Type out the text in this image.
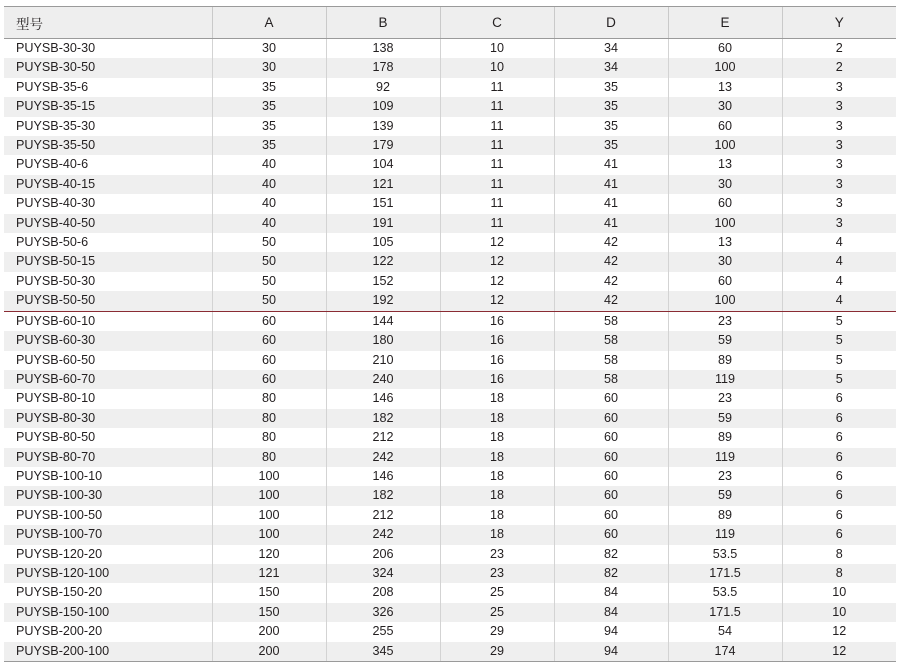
型号	A	B	C	D	E	Y
PUYSB-30-30	30	138	10	34	60	2
PUYSB-30-50	30	178	10	34	100	2
PUYSB-35-6	35	92	11	35	13	3
PUYSB-35-15	35	109	11	35	30	3
PUYSB-35-30	35	139	11	35	60	3
PUYSB-35-50	35	179	11	35	100	3
PUYSB-40-6	40	104	11	41	13	3
PUYSB-40-15	40	121	11	41	30	3
PUYSB-40-30	40	151	11	41	60	3
PUYSB-40-50	40	191	11	41	100	3
PUYSB-50-6	50	105	12	42	13	4
PUYSB-50-15	50	122	12	42	30	4
PUYSB-50-30	50	152	12	42	60	4
PUYSB-50-50	50	192	12	42	100	4
PUYSB-60-10	60	144	16	58	23	5
PUYSB-60-30	60	180	16	58	59	5
PUYSB-60-50	60	210	16	58	89	5
PUYSB-60-70	60	240	16	58	119	5
PUYSB-80-10	80	146	18	60	23	6
PUYSB-80-30	80	182	18	60	59	6
PUYSB-80-50	80	212	18	60	89	6
PUYSB-80-70	80	242	18	60	119	6
PUYSB-100-10	100	146	18	60	23	6
PUYSB-100-30	100	182	18	60	59	6
PUYSB-100-50	100	212	18	60	89	6
PUYSB-100-70	100	242	18	60	119	6
PUYSB-120-20	120	206	23	82	53.5	8
PUYSB-120-100	121	324	23	82	171.5	8
PUYSB-150-20	150	208	25	84	53.5	10
PUYSB-150-100	150	326	25	84	171.5	10
PUYSB-200-20	200	255	29	94	54	12
PUYSB-200-100	200	345	29	94	174	12
